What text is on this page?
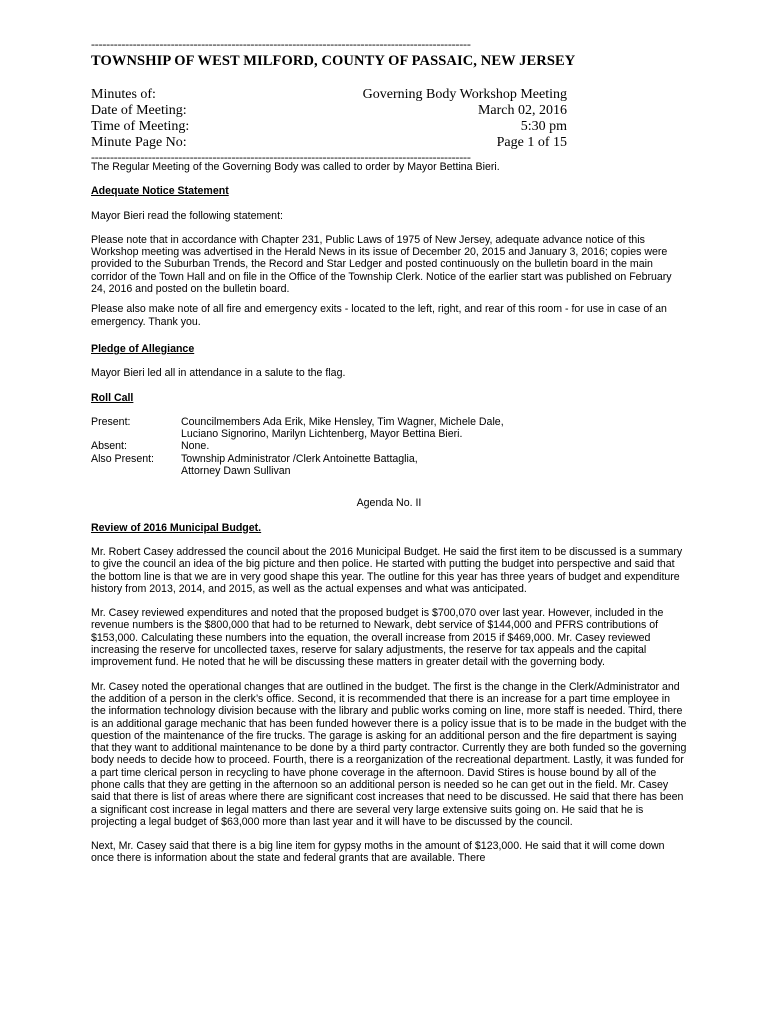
----------------------------------------------------------------------------------------------------
TOWNSHIP OF WEST MILFORD, COUNTY OF PASSAIC, NEW JERSEY
Minutes of:	Governing Body Workshop Meeting
Date of Meeting:	March 02, 2016
Time of Meeting:	5:30 pm
Minute Page No:	Page 1 of 15
----------------------------------------------------------------------------------------------------

The Regular Meeting of the Governing Body was called to order by Mayor Bettina Bieri.

Adequate Notice Statement

Mayor Bieri read the following statement:

Please note that in accordance with Chapter 231, Public Laws of 1975 of New Jersey, adequate advance notice of this Workshop meeting was advertised in the Herald News in its issue of December 20, 2015 and January 3, 2016; copies were provided to the Suburban Trends, the Record and Star Ledger and posted continuously on the bulletin board in the main corridor of the Town Hall and on file in the Office of the Township Clerk. Notice of the earlier start was published on February 24, 2016 and posted on the bulletin board.

Please also make note of all fire and emergency exits - located to the left, right, and rear of this room - for use in case of an emergency. Thank you.

Pledge of Allegiance

Mayor Bieri led all in attendance in a salute to the flag.

Roll Call

Present:	Councilmembers Ada Erik, Mike Hensley, Tim Wagner, Michele Dale,
Luciano Signorino, Marilyn Lichtenberg, Mayor Bettina Bieri.
Absent:	None.
Also Present:	Township Administrator /Clerk Antoinette Battaglia,
Attorney Dawn Sullivan

Agenda No. II

Review of 2016 Municipal Budget.

Mr. Robert Casey addressed the council about the 2016 Municipal Budget. He said the first item to be discussed is a summary to give the council an idea of the big picture and then police. He started with putting the budget into perspective and said that the bottom line is that we are in very good shape this year. The outline for this year has three years of budget and expenditure history from 2013, 2014, and 2015, as well as the actual expenses and what was anticipated.

Mr. Casey reviewed expenditures and noted that the proposed budget is $700,070 over last year. However, included in the revenue numbers is the $800,000 that had to be returned to Newark, debt service of $144,000 and PFRS contributions of $153,000. Calculating these numbers into the equation, the overall increase from 2015 if $469,000. Mr. Casey reviewed increasing the reserve for uncollected taxes, reserve for salary adjustments, the reserve for tax appeals and the capital improvement fund. He noted that he will be discussing these matters in greater detail with the governing body.

Mr. Casey noted the operational changes that are outlined in the budget. The first is the change in the Clerk/Administrator and the addition of a person in the clerk’s office. Second, it is recommended that there is an increase for a part time employee in the information technology division because with the library and public works coming on line, more staff is needed. Third, there is an additional garage mechanic that has been funded however there is a policy issue that is to be made in the budget with the question of the maintenance of the fire trucks. The garage is asking for an additional person and the fire department is saying that they want to additional maintenance to be done by a third party contractor. Currently they are both funded so the governing body needs to decide how to proceed. Fourth, there is a reorganization of the recreational department. Lastly, it was funded for a part time clerical person in recycling to have phone coverage in the afternoon. David Stires is house bound by all of the phone calls that they are getting in the afternoon so an additional person is needed so he can get out in the field. Mr. Casey said that there is list of areas where there are significant cost increases that need to be discussed. He said that there has been a significant cost increase in legal matters and there are several very large extensive suits going on. He said that he is projecting a legal budget of $63,000 more than last year and it will have to be discussed by the council.

Next, Mr. Casey said that there is a big line item for gypsy moths in the amount of $123,000. He said that it will come down once there is information about the state and federal grants that are available. There
